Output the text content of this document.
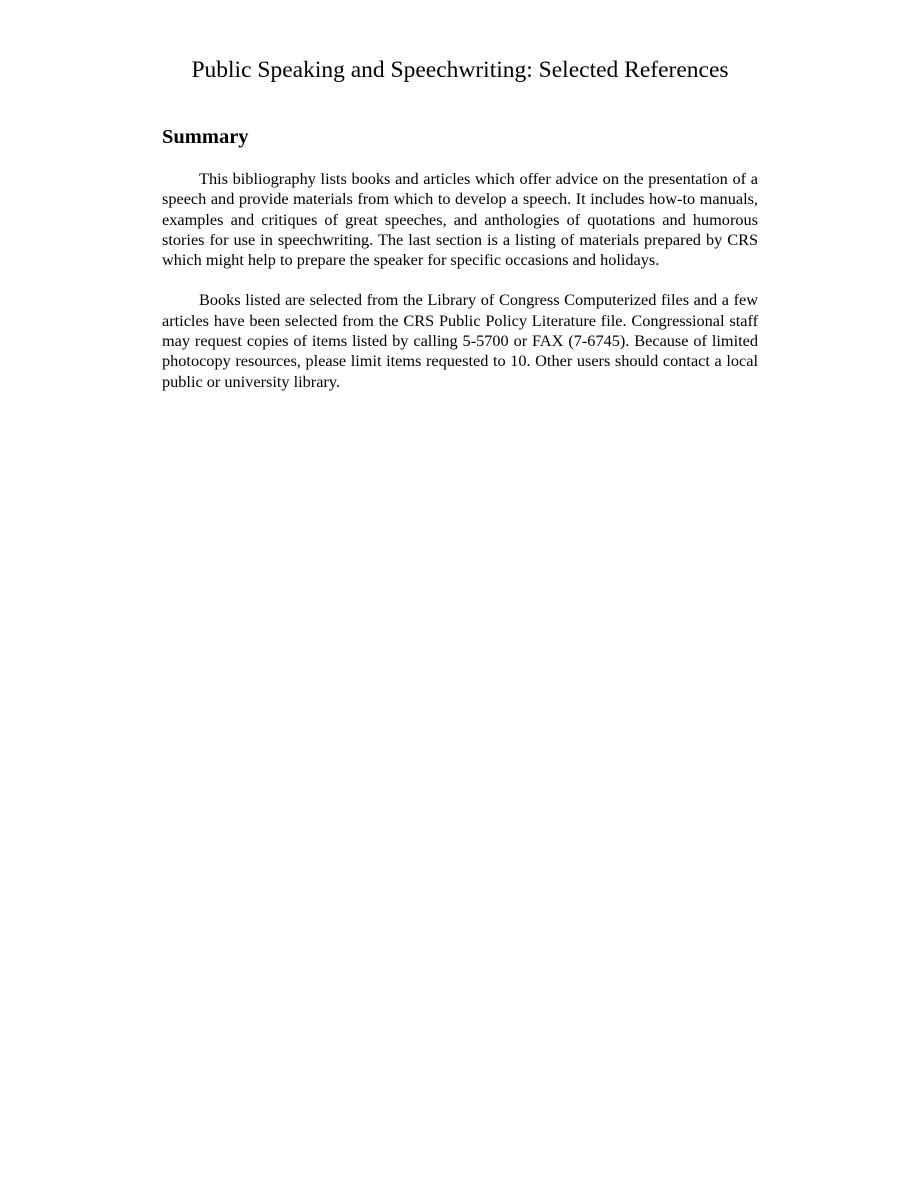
Public Speaking and Speechwriting: Selected References
Summary

This bibliography lists books and articles which offer advice on the presentation of a speech and provide materials from which to develop a speech. It includes how-to manuals, examples and critiques of great speeches, and anthologies of quotations and humorous stories for use in speechwriting. The last section is a listing of materials prepared by CRS which might help to prepare the speaker for specific occasions and holidays.

Books listed are selected from the Library of Congress Computerized files and a few articles have been selected from the CRS Public Policy Literature file. Congressional staff may request copies of items listed by calling 5-5700 or FAX (7-6745). Because of limited photocopy resources, please limit items requested to 10. Other users should contact a local public or university library.
